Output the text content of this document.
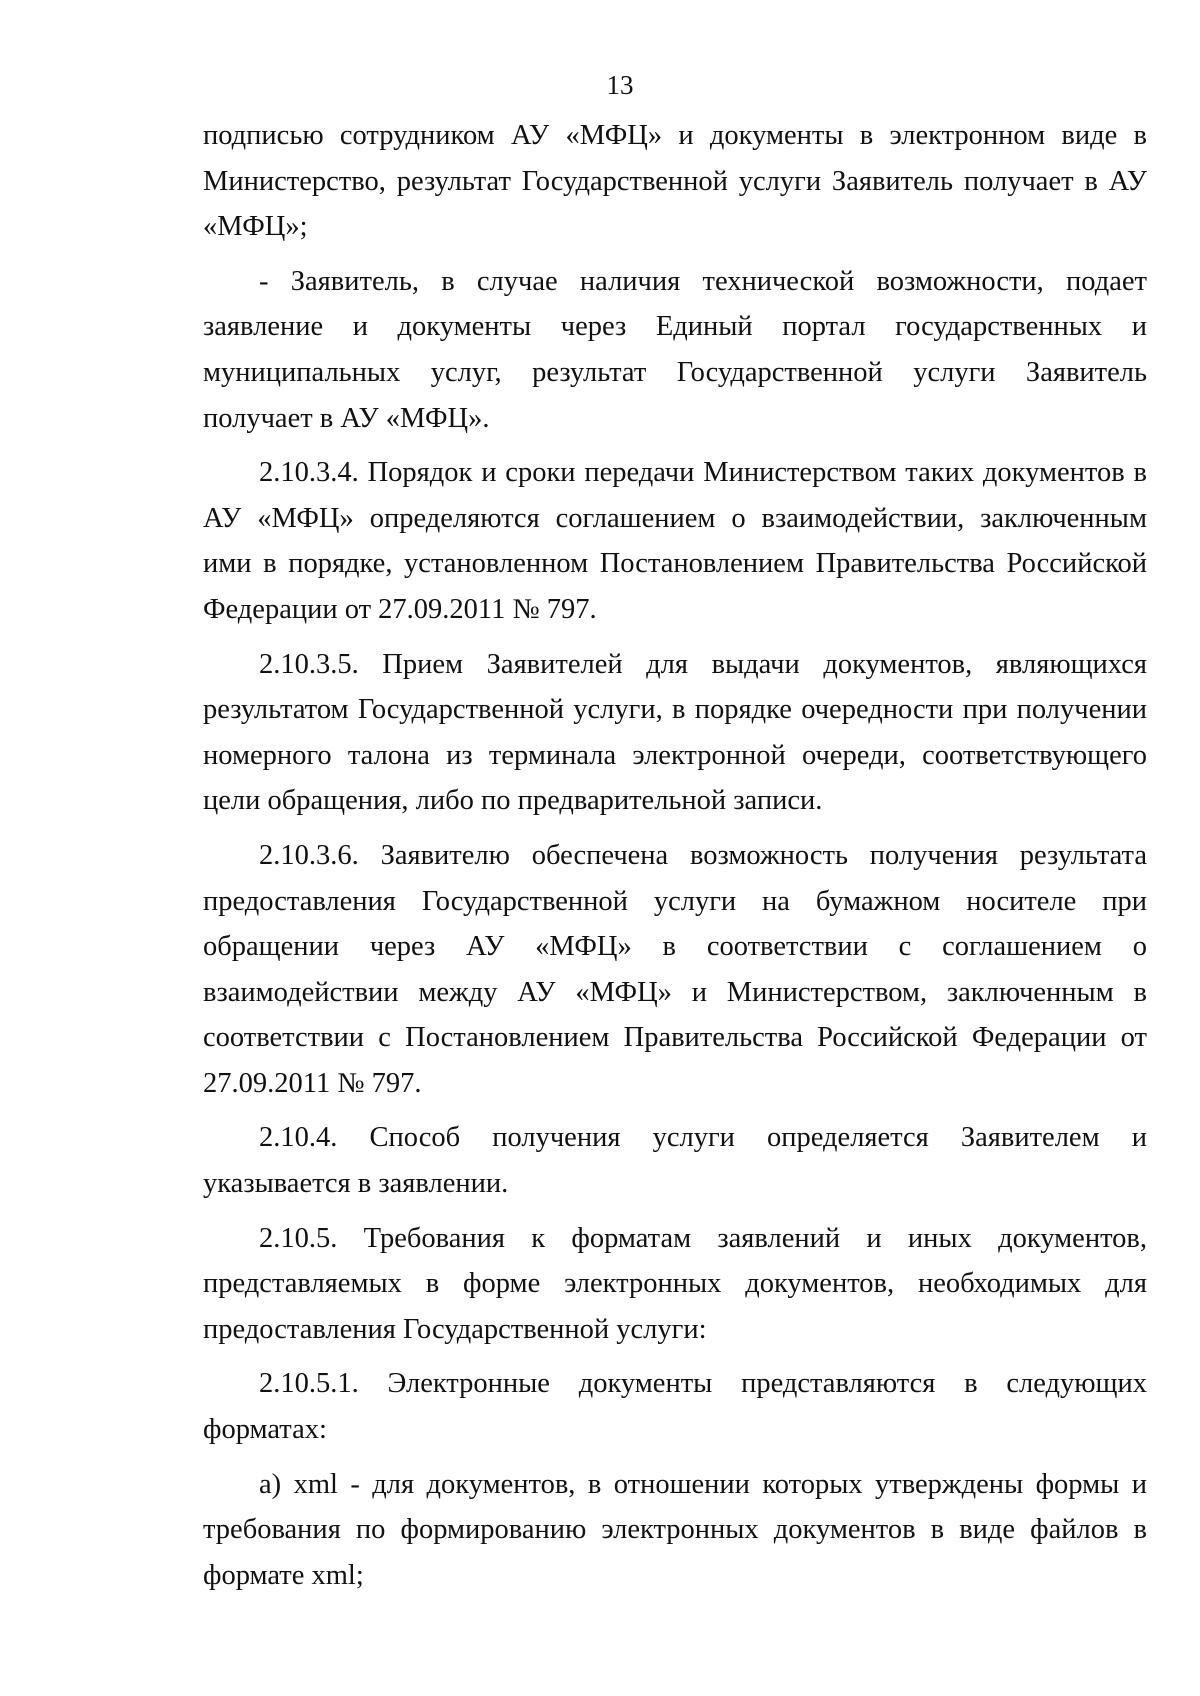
13

подписью сотрудником АУ «МФЦ» и документы в электронном виде в Министерство, результат Государственной услуги Заявитель получает в АУ «МФЦ»;

- Заявитель, в случае наличия технической возможности, подает заявление и документы через Единый портал государственных и муниципальных услуг, результат Государственной услуги Заявитель получает в АУ «МФЦ».

2.10.3.4. Порядок и сроки передачи Министерством таких документов в АУ «МФЦ» определяются соглашением о взаимодействии, заключенным ими в порядке, установленном Постановлением Правительства Российской Федерации от 27.09.2011 № 797.

2.10.3.5. Прием Заявителей для выдачи документов, являющихся результатом Государственной услуги, в порядке очередности при получении номерного талона из терминала электронной очереди, соответствующего цели обращения, либо по предварительной записи.

2.10.3.6. Заявителю обеспечена возможность получения результата предоставления Государственной услуги на бумажном носителе при обращении через АУ «МФЦ» в соответствии с соглашением о взаимодействии между АУ «МФЦ» и Министерством, заключенным в соответствии с Постановлением Правительства Российской Федерации от 27.09.2011 № 797.

2.10.4. Способ получения услуги определяется Заявителем и указывается в заявлении.

2.10.5. Требования к форматам заявлений и иных документов, представляемых в форме электронных документов, необходимых для предоставления Государственной услуги:

2.10.5.1. Электронные документы представляются в следующих форматах:

а) xml - для документов, в отношении которых утверждены формы и требования по формированию электронных документов в виде файлов в формате xml;
